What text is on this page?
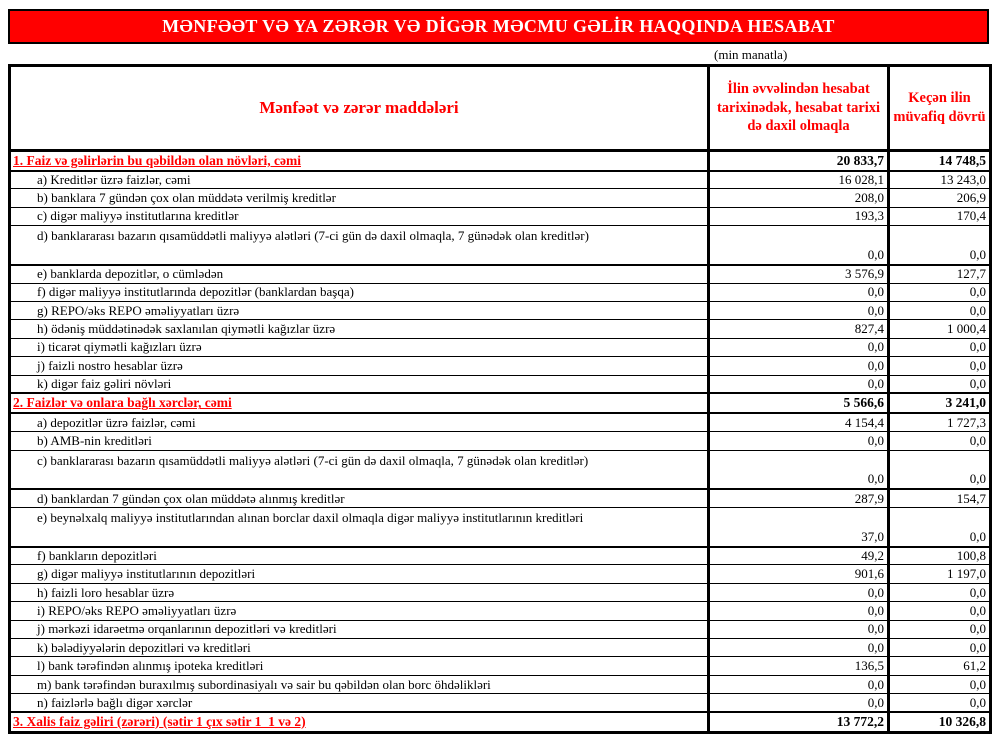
MƏNFƏƏT VƏ YA ZƏRƏR VƏ DİGƏR MƏCMU GƏLİR HAQQINDA HESABAT
(min manatla)
Mənfəət və zərər maddələri	İlin əvvəlindən hesabat tarixinədək, hesabat tarixi də daxil olmaqla	Keçən ilin müvafiq dövrü
1. Faiz və gəlirlərin bu qəbildən olan növləri, cəmi	20 833,7	14 748,5
a) Kreditlər üzrə faizlər, cəmi	16 028,1	13 243,0
b) banklara 7 gündən çox olan müddətə verilmiş kreditlər	208,0	206,9
c) digər maliyyə institutlarına kreditlər	193,3	170,4
d) banklararası bazarın qısamüddətli maliyyə alətləri (7-ci gün də daxil olmaqla, 7 günədək olan kreditlər)	0,0	0,0
e) banklarda depozitlər, o cümlədən	3 576,9	127,7
f) digər maliyyə institutlarında depozitlər (banklardan başqa)	0,0	0,0
g) REPO/əks REPO əməliyyatları üzrə	0,0	0,0
h) ödəniş müddətinədək saxlanılan qiymətli kağızlar üzrə	827,4	1 000,4
i) ticarət qiymətli kağızları üzrə	0,0	0,0
j) faizli nostro hesablar üzrə	0,0	0,0
k) digər faiz gəliri növləri	0,0	0,0
2. Faizlər və onlara bağlı xərclər, cəmi	5 566,6	3 241,0
a) depozitlər üzrə faizlər, cəmi	4 154,4	1 727,3
b) AMB-nin kreditləri	0,0	0,0
c) banklararası bazarın qısamüddətli maliyyə alətləri (7-ci gün də daxil olmaqla, 7 günədək olan kreditlər)	0,0	0,0
d) banklardan 7 gündən çox olan müddətə alınmış kreditlər	287,9	154,7
e) beynəlxalq maliyyə institutlarından alınan borclar daxil olmaqla digər maliyyə institutlarının kreditləri	37,0	0,0
f) bankların depozitləri	49,2	100,8
g) digər maliyyə institutlarının depozitləri	901,6	1 197,0
h) faizli loro hesablar üzrə	0,0	0,0
i) REPO/əks REPO əməliyyatları üzrə	0,0	0,0
j) mərkəzi idarəetmə orqanlarının depozitləri və kreditləri	0,0	0,0
k) bələdiyyələrin depozitləri və kreditləri	0,0	0,0
l) bank tərəfindən alınmış ipoteka kreditləri	136,5	61,2
m) bank tərəfindən buraxılmış subordinasiyalı və sair bu qəbildən olan borc öhdəlikləri	0,0	0,0
n) faizlərlə bağlı digər xərclər	0,0	0,0
3. Xalis faiz gəliri (zərəri) (sətir 1 çıx sətir 1_1 və 2)	13 772,2	10 326,8
